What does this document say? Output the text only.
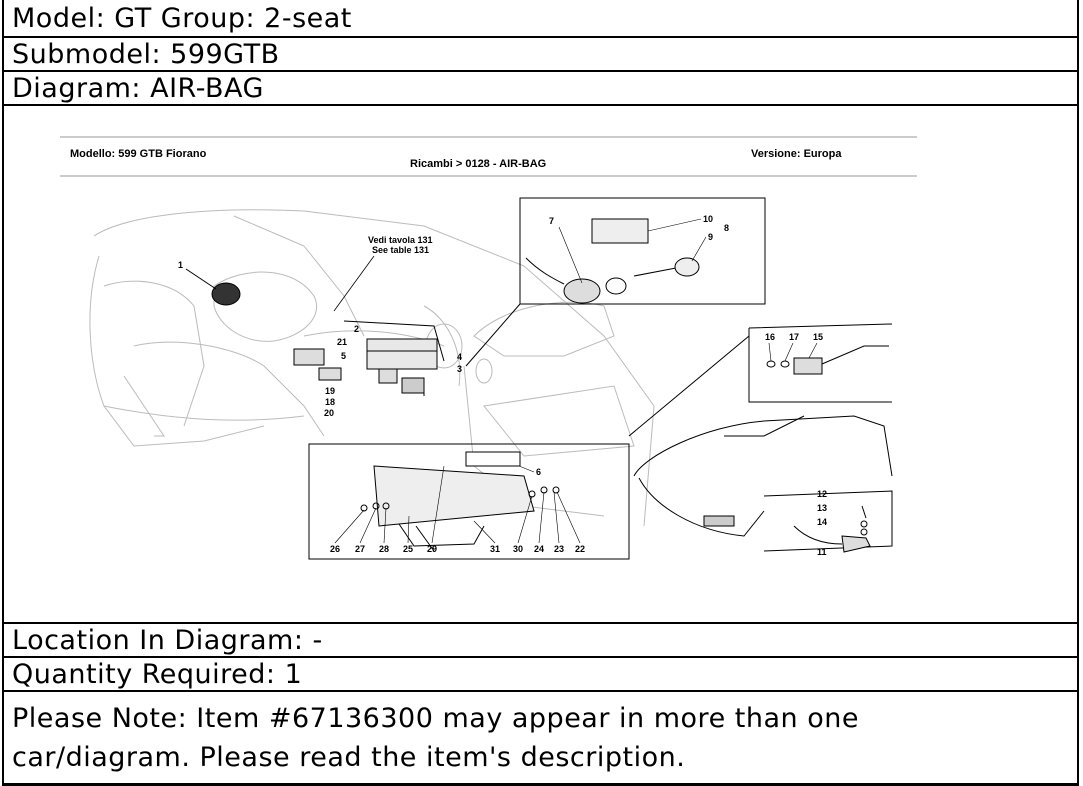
Model: GT Group: 2-seat
Submodel: 599GTB
Diagram: AIR-BAG
Modello: 599 GTB Fiorano
Ricambi > 0128 - AIR-BAG
Versione: Europa
Vedi tavola 131
See table 131
1
2
3
4
5
6
7
8
9
10
11
12
13
14
15
16 17
18
19
20
21
22
23
24
25
26 27 28	29	30
31
Location In Diagram: -
Quantity Required: 1
Please Note: Item #67136300 may appear in more than one
car/diagram. Please read the item's description.
